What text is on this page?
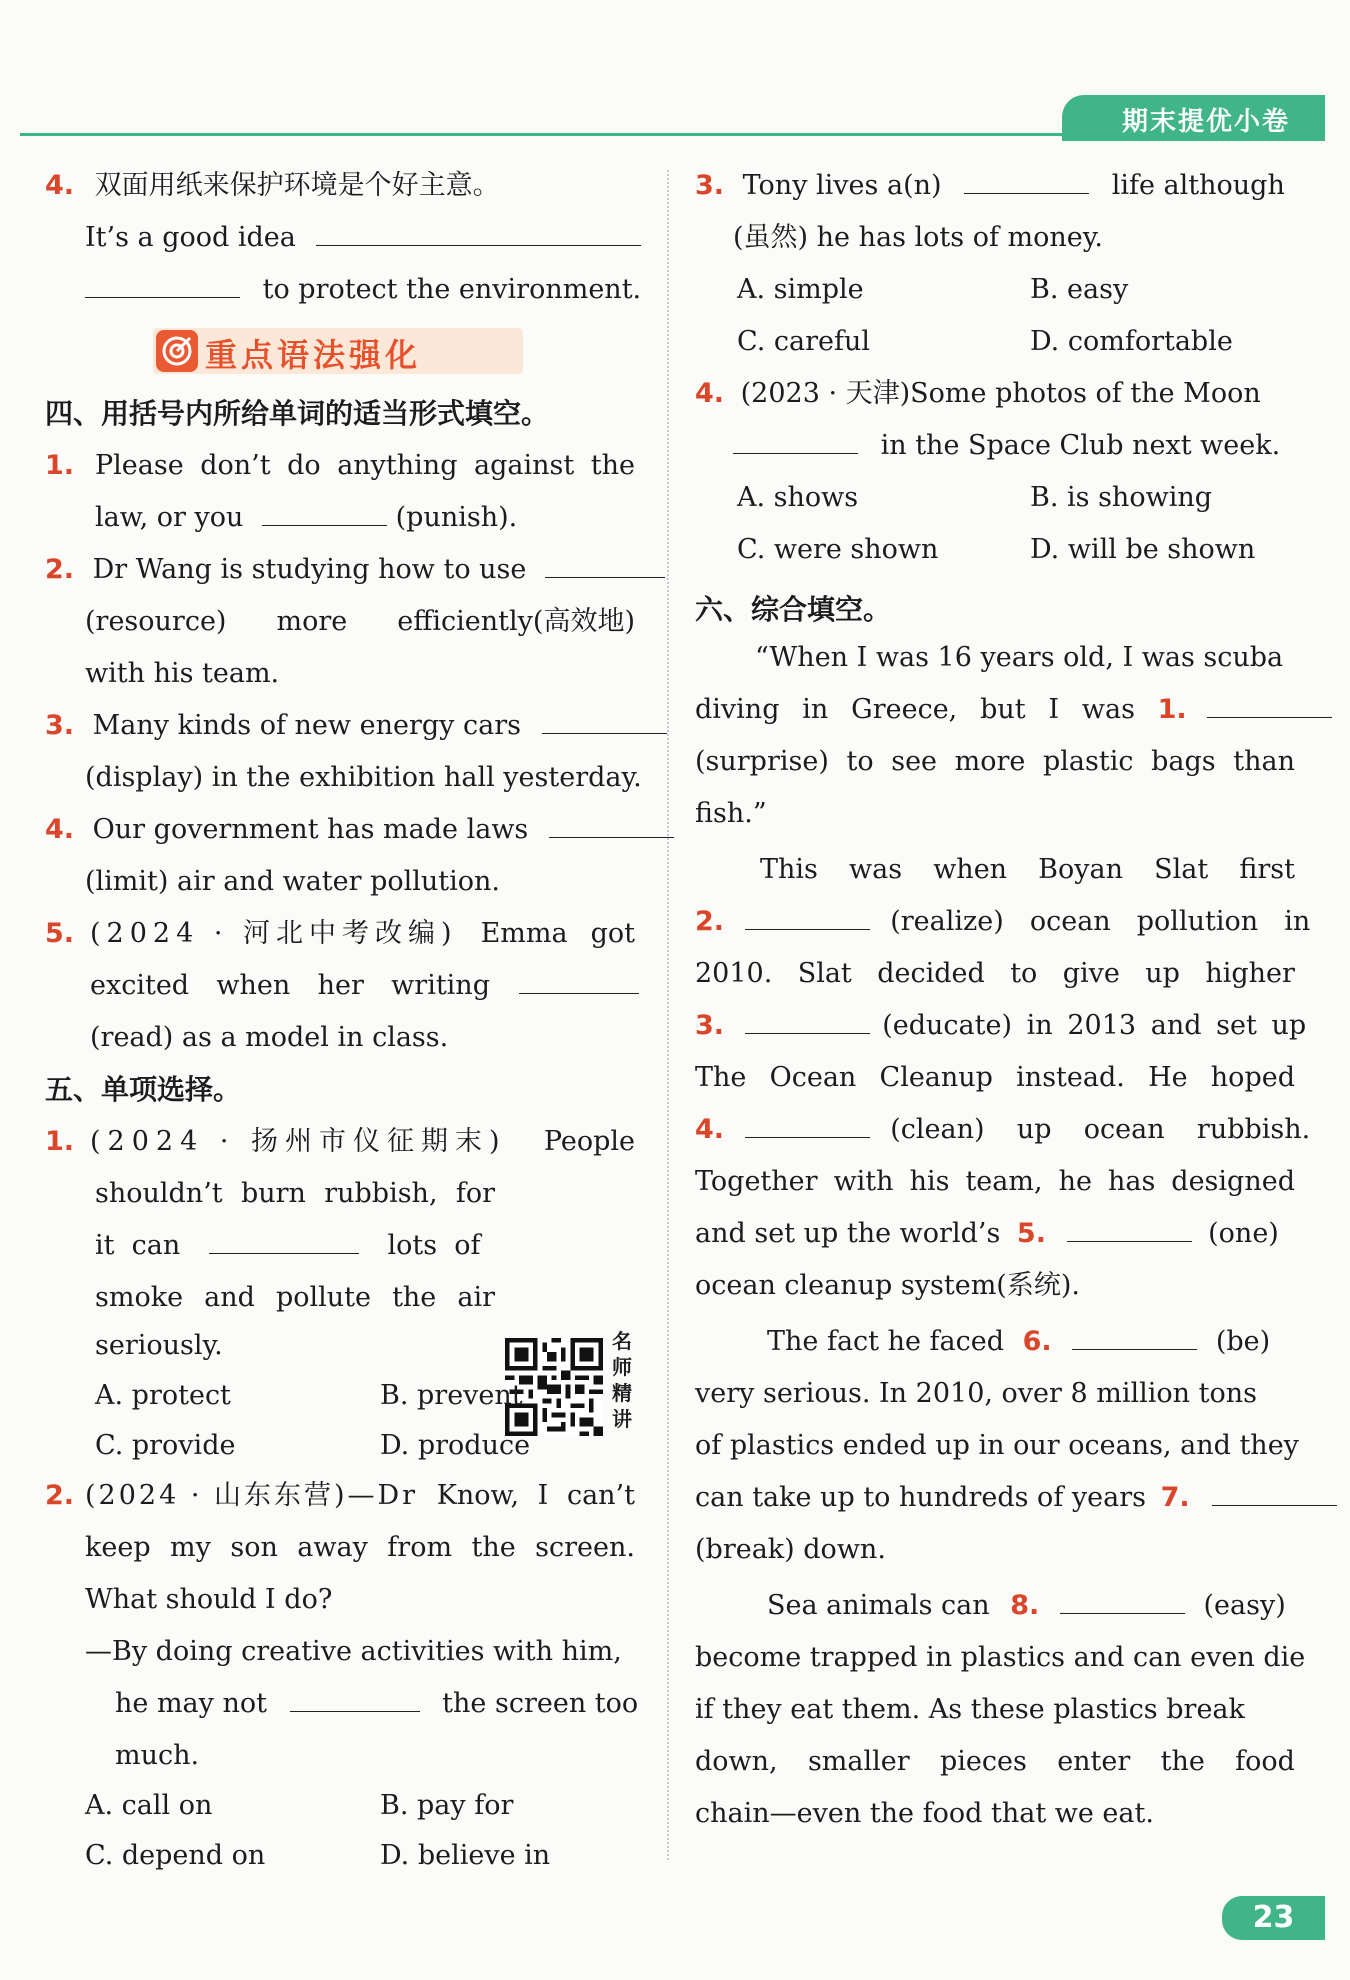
期末提优小卷
4. 双面用纸来保护环境是个好主意。
It’s a good idea
to protect the environment.
重点语法强化
四、用括号内所给单词的适当形式填空。
1. Please don’t do anything against the
law, or you	(punish).
2. Dr Wang is studying how to use
(resource) more efficiently(高效地)
with his team.
3. Many kinds of new energy cars
(display) in the exhibition hall yesterday.
4. Our government has made laws
(limit) air and water pollution.
5. (2024 · 河北中考改编) Emma got
excited when her writing

(read) as a model in class.
五、单项选择。
1. (2024 · 扬州市仪征期末) People
shouldn’t burn rubbish, for
it  can	lots  of
smoke and pollute the air
seriously.	名
师
精
讲
A. protect	B. prevent
C. provide	D. produce
2. (2024 · 山东东营)—Dr Know, I can’t
keep my son away from the screen.
What should I do?
—By doing creative activities with him,
he may not	the screen too
much.
A. call on	B. pay for
C. depend on	D. believe in
3. Tony lives a(n)	life although
(虽然) he has lots of money.
A. simple	B. easy
C. careful	D. comfortable
4. (2023 · 天津)Some photos of the Moon
in the Space Club next week.
A. shows	B. is showing
C. were shown	D. will be shown
六、综合填空。
“When I was 16 years old, I was scuba
diving in Greece, but I was 1.
(surprise) to see more plastic bags than
fish.”
This was when Boyan Slat first
2.	(realize) ocean pollution in
2010. Slat decided to give up higher
3.	(educate) in 2013 and set up
The Ocean Cleanup instead. He hoped
4.	(clean) up ocean rubbish.
Together with his team, he has designed
and set up the world’s 5.	(one)
ocean cleanup system(系统).
The fact he faced 6.	(be)
very serious. In 2010, over 8 million tons
of plastics ended up in our oceans, and they
can take up to hundreds of years 7.
(break) down.
Sea animals can 8.	(easy)
become trapped in plastics and can even die
if they eat them. As these plastics break
down, smaller pieces enter the food
chain—even the food that we eat.
23
